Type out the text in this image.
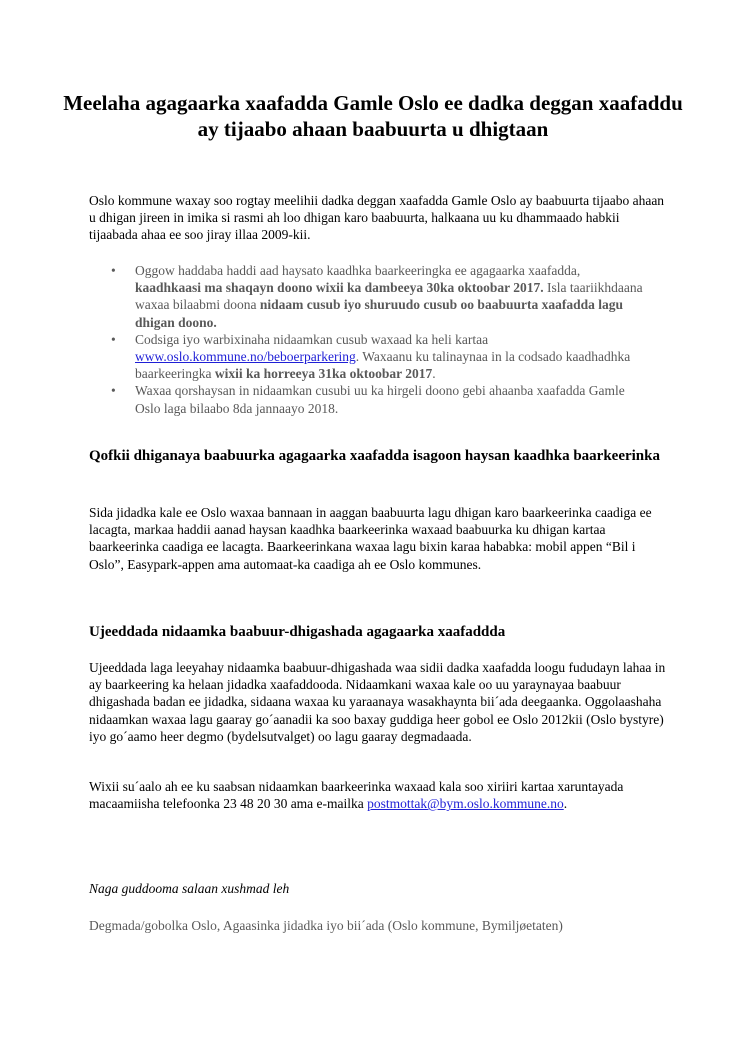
Meelaha agagaarka xaafadda Gamle Oslo ee dadka deggan xaafaddu ay tijaabo ahaan baabuurta u dhigtaan

Oslo kommune waxay soo rogtay meelihii dadka deggan xaafadda Gamle Oslo ay baabuurta tijaabo ahaan u dhigan jireen in imika si rasmi ah loo dhigan karo baabuurta, halkaana uu ku dhammaado habkii tijaabada ahaa ee soo jiray illaa 2009-kii.

• Oggow haddaba haddi aad haysato kaadhka baarkeeringka ee agagaarka xaafadda, kaadhkaasi ma shaqayn doono wixii ka dambeeya 30ka oktoobar 2017. Isla taariikhdaana waxaa bilaabmi doona nidaam cusub iyo shuruudo cusub oo baabuurta xaafadda lagu dhigan doono.
• Codsiga iyo warbixinaha nidaamkan cusub waxaad ka heli kartaa www.oslo.kommune.no/beboerparkering. Waxaanu ku talinaynaa in la codsado kaadhadhka baarkeeringka wixii ka horreeya 31ka oktoobar 2017.
• Waxaa qorshaysan in nidaamkan cusubi uu ka hirgeli doono gebi ahaanba xaafadda Gamle Oslo laga bilaabo 8da jannaayo 2018.
Qofkii dhiganaya baabuurka agagaarka xaafadda isagoon haysan kaadhka baarkeerinka

Sida jidadka kale ee Oslo waxaa bannaan in aaggan baabuurta lagu dhigan karo baarkeerinka caadiga ee lacagta, markaa haddii aanad haysan kaadhka baarkeerinka waxaad baabuurka ku dhigan kartaa baarkeerinka caadiga ee lacagta. Baarkeerinkana waxaa lagu bixin karaa hababka: mobil appen “Bil i Oslo”, Easypark-appen ama automaat-ka caadiga ah ee Oslo kommunes.

Ujeeddada nidaamka baabuur-dhigashada agagaarka xaafaddda

Ujeeddada laga leeyahay nidaamka baabuur-dhigashada waa sidii dadka xaafadda loogu fududayn lahaa in ay baarkeering ka helaan jidadka xaafaddooda. Nidaamkani waxaa kale oo uu yaraynayaa baabuur dhigashada badan ee jidadka, sidaana waxaa ku yaraanaya wasakhaynta bii´ada deegaanka. Oggolaashaha nidaamkan waxaa lagu gaaray go´aanadii ka soo baxay guddiga heer gobol ee Oslo 2012kii (Oslo bystyre) iyo go´aamo heer degmo (bydelsutvalget) oo lagu gaaray degmadaada.

Wixii su´aalo ah ee ku saabsan nidaamkan baarkeerinka waxaad kala soo xiriiri kartaa xaruntayada macaamiisha telefoonka 23 48 20 30 ama e-mailka postmottak@bym.oslo.kommune.no.

Naga guddooma salaan xushmad leh

Degmada/gobolka Oslo, Agaasinka jidadka iyo bii´ada (Oslo kommune, Bymiljøetaten)
